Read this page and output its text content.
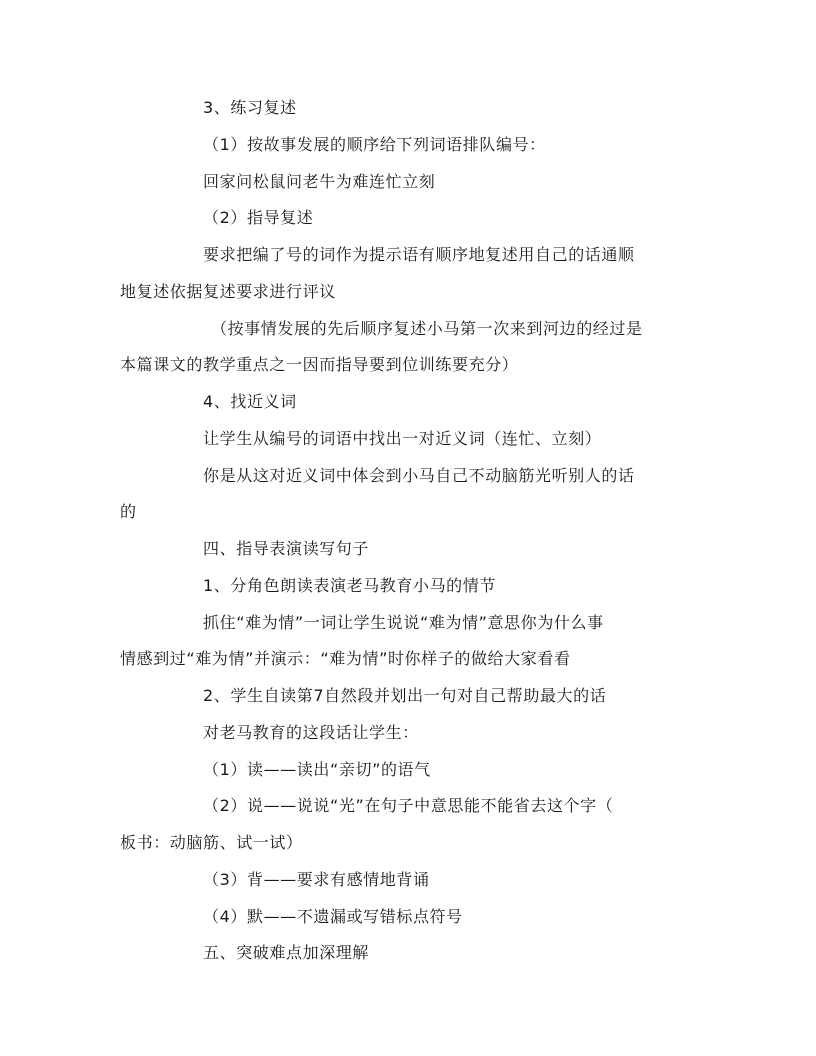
3、练习复述
（1）按故事发展的顺序给下列词语排队编号：
回家问松鼠问老牛为难连忙立刻
（2）指导复述
要求把编了号的词作为提示语有顺序地复述用自己的话通顺
地复述依据复述要求进行评议
（按事情发展的先后顺序复述小马第一次来到河边的经过是
本篇课文的教学重点之一因而指导要到位训练要充分）
4、找近义词
让学生从编号的词语中找出一对近义词（连忙、立刻）
你是从这对近义词中体会到小马自己不动脑筋光听别人的话
的
四、指导表演读写句子
1、分角色朗读表演老马教育小马的情节
抓住“难为情”一词让学生说说“难为情”意思你为什么事
情感到过“难为情”并演示：“难为情”时你样子的做给大家看看
2、学生自读第7自然段并划出一句对自己帮助最大的话
对老马教育的这段话让学生：
（1）读——读出“亲切”的语气
（2）说——说说“光”在句子中意思能不能省去这个字（
板书：动脑筋、试一试）
（3）背——要求有感情地背诵
（4）默——不遗漏或写错标点符号
五、突破难点加深理解
